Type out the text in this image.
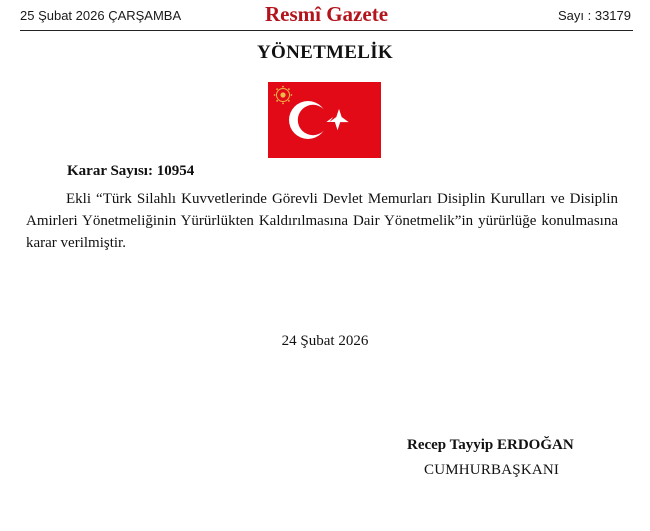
25 Şubat 2026 ÇARŞAMBA	Resmî Gazete	Sayı : 33179
YÖNETMELİK
Karar Sayısı: 10954

Ekli “Türk Silahlı Kuvvetlerinde Görevli Devlet Memurları Disiplin Kurulları ve Disiplin Amirleri Yönetmeliğinin Yürürlükten Kaldırılmasına Dair Yönetmelik”in yürürlüğe konulmasına karar verilmiştir.

24 Şubat 2026
Recep Tayyip ERDOĞAN
CUMHURBAŞKANI
